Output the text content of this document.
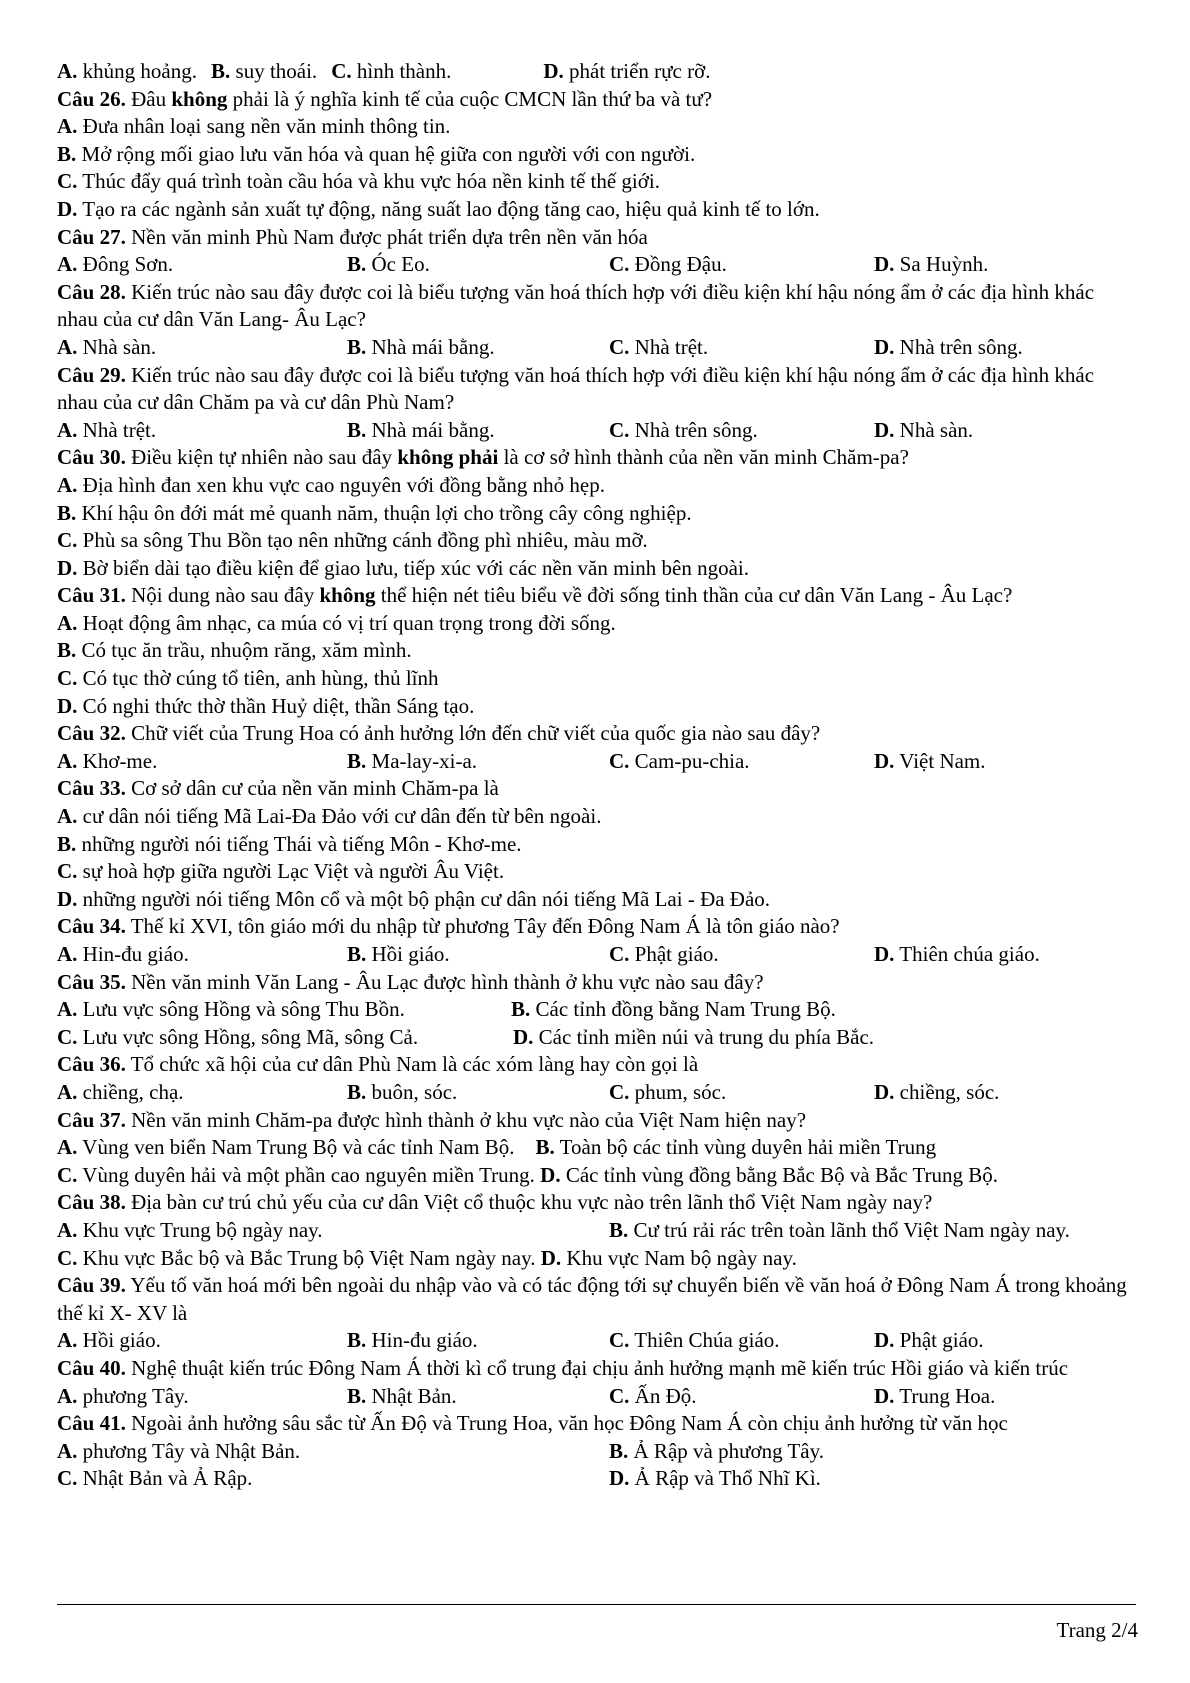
A. khủng hoảng. B. suy thoái. C. hình thành.	D. phát triển rực rỡ.
Câu 26. Đâu không phải là ý nghĩa kinh tế của cuộc CMCN lần thứ ba và tư?
A. Đưa nhân loại sang nền văn minh thông tin.
B. Mở rộng mối giao lưu văn hóa và quan hệ giữa con người với con người.
C. Thúc đẩy quá trình toàn cầu hóa và khu vực hóa nền kinh tế thế giới.
D. Tạo ra các ngành sản xuất tự động, năng suất lao động tăng cao, hiệu quả kinh tế to lớn.
Câu 27. Nền văn minh Phù Nam được phát triển dựa trên nền văn hóa
A. Đông Sơn.	B. Óc Eo.	C. Đồng Đậu.	D. Sa Huỳnh.
Câu 28. Kiến trúc nào sau đây được coi là biểu tượng văn hoá thích hợp với điều kiện khí hậu nóng ẩm ở các địa hình khác nhau của cư dân Văn Lang- Âu Lạc?
A. Nhà sàn.	B. Nhà mái bằng.	C. Nhà trệt.	D. Nhà trên sông.
Câu 29. Kiến trúc nào sau đây được coi là biểu tượng văn hoá thích hợp với điều kiện khí hậu nóng ẩm ở các địa hình khác nhau của cư dân Chăm pa và cư dân Phù Nam?
A. Nhà trệt.	B. Nhà mái bằng.	C. Nhà trên sông.	D. Nhà sàn.
Câu 30. Điều kiện tự nhiên nào sau đây không phải là cơ sở hình thành của nền văn minh Chăm-pa?
A. Địa hình đan xen khu vực cao nguyên với đồng bằng nhỏ hẹp.
B. Khí hậu ôn đới mát mẻ quanh năm, thuận lợi cho trồng cây công nghiệp.
C. Phù sa sông Thu Bồn tạo nên những cánh đồng phì nhiêu, màu mỡ.
D. Bờ biển dài tạo điều kiện để giao lưu, tiếp xúc với các nền văn minh bên ngoài.
Câu 31. Nội dung nào sau đây không thể hiện nét tiêu biểu về đời sống tinh thần của cư dân Văn Lang - Âu Lạc?
A. Hoạt động âm nhạc, ca múa có vị trí quan trọng trong đời sống.
B. Có tục ăn trầu, nhuộm răng, xăm mình.
C. Có tục thờ cúng tổ tiên, anh hùng, thủ lĩnh
D. Có nghi thức thờ thần Huỷ diệt, thần Sáng tạo.
Câu 32. Chữ viết của Trung Hoa có ảnh hưởng lớn đến chữ viết của quốc gia nào sau đây?
A. Khơ-me.	B. Ma-lay-xi-a.	C. Cam-pu-chia.	D. Việt Nam.
Câu 33. Cơ sở dân cư của nền văn minh Chăm-pa là
A. cư dân nói tiếng Mã Lai-Đa Đảo với cư dân đến từ bên ngoài.
B. những người nói tiếng Thái và tiếng Môn - Khơ-me.
C. sự hoà hợp giữa người Lạc Việt và người Âu Việt.
D. những người nói tiếng Môn cổ và một bộ phận cư dân nói tiếng Mã Lai - Đa Đảo.
Câu 34. Thế kỉ XVI, tôn giáo mới du nhập từ phương Tây đến Đông Nam Á là tôn giáo nào?
A. Hin-đu giáo.	B. Hồi giáo.	C. Phật giáo.	D. Thiên chúa giáo.
Câu 35. Nền văn minh Văn Lang - Âu Lạc được hình thành ở khu vực nào sau đây?
A. Lưu vực sông Hồng và sông Thu Bồn.	B. Các tỉnh đồng bằng Nam Trung Bộ.
C. Lưu vực sông Hồng, sông Mã, sông Cả.	D. Các tỉnh miền núi và trung du phía Bắc.
Câu 36. Tổ chức xã hội của cư dân Phù Nam là các xóm làng hay còn gọi là
A. chiềng, chạ.	B. buôn, sóc.	C. phum, sóc.	D. chiềng, sóc.
Câu 37. Nền văn minh Chăm-pa được hình thành ở khu vực nào của Việt Nam hiện nay?
A. Vùng ven biển Nam Trung Bộ và các tỉnh Nam Bộ. B. Toàn bộ các tỉnh vùng duyên hải miền Trung
C. Vùng duyên hải và một phần cao nguyên miền Trung. D. Các tỉnh vùng đồng bằng Bắc Bộ và Bắc Trung Bộ.
Câu 38. Địa bàn cư trú chủ yếu của cư dân Việt cổ thuộc khu vực nào trên lãnh thổ Việt Nam ngày nay?
A. Khu vực Trung bộ ngày nay.	B. Cư trú rải rác trên toàn lãnh thổ Việt Nam ngày nay.
C. Khu vực Bắc bộ và Bắc Trung bộ Việt Nam ngày nay. D. Khu vực Nam bộ ngày nay.
Câu 39. Yếu tố văn hoá mới bên ngoài du nhập vào và có tác động tới sự chuyển biến về văn hoá ở Đông Nam Á trong khoảng thế kỉ X- XV là
A. Hồi giáo.	B. Hin-đu giáo.	C. Thiên Chúa giáo.	D. Phật giáo.
Câu 40. Nghệ thuật kiến trúc Đông Nam Á thời kì cổ trung đại chịu ảnh hưởng mạnh mẽ kiến trúc Hồi giáo và kiến trúc
A. phương Tây.	B. Nhật Bản.	C. Ấn Độ.	D. Trung Hoa.
Câu 41. Ngoài ảnh hưởng sâu sắc từ Ấn Độ và Trung Hoa, văn học Đông Nam Á còn chịu ảnh hưởng từ văn học
A. phương Tây và Nhật Bản.	B. Ả Rập và phương Tây.
C. Nhật Bản và Ả Rập.	D. Ả Rập và Thổ Nhĩ Kì.
Trang 2/4
